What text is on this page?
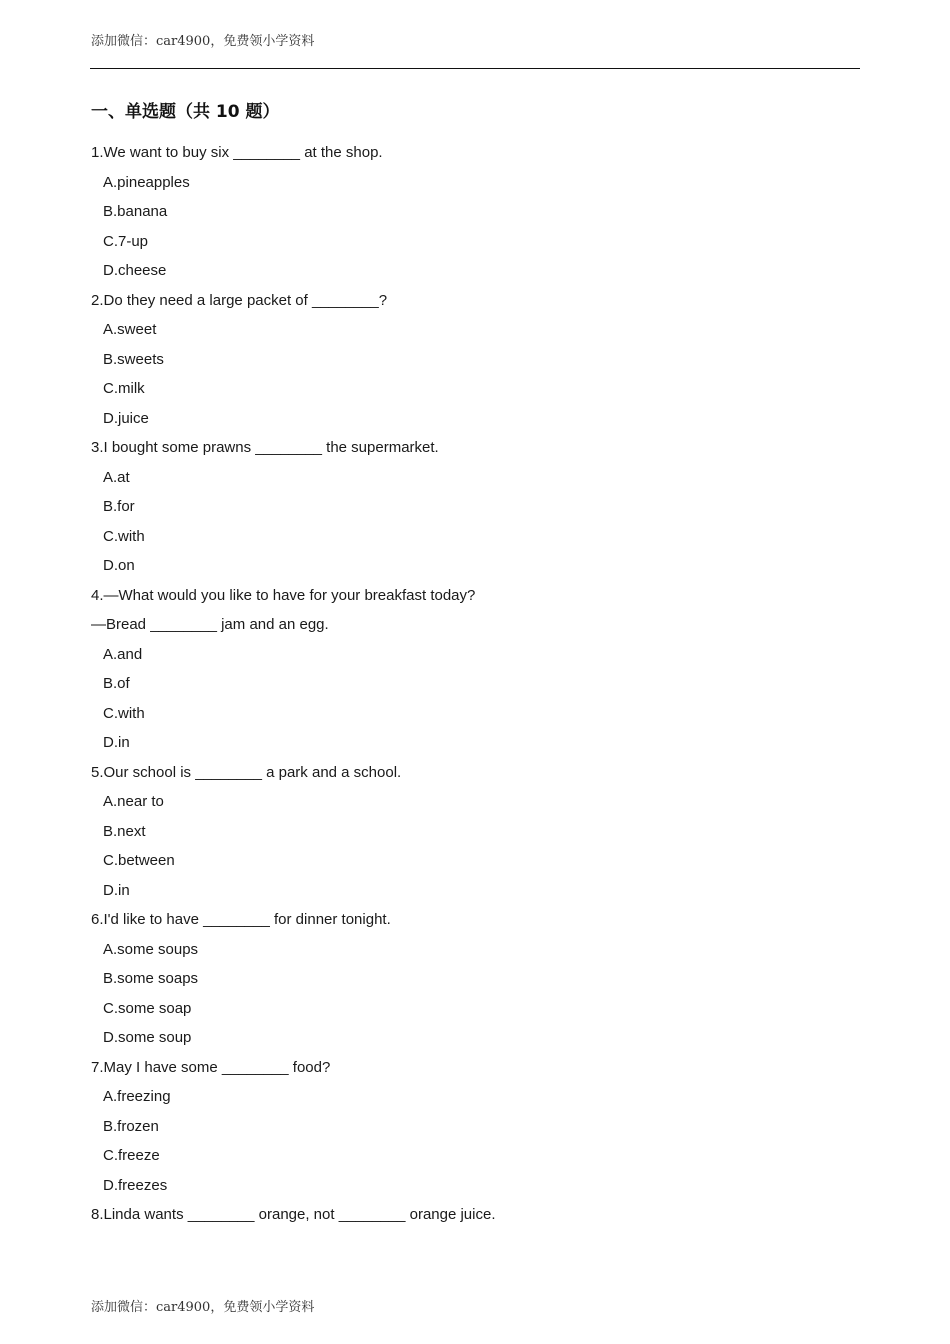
添加微信：car4900，免费领小学资料
一、单选题（共 10 题）
1.We want to buy six ________ at the shop.
A.pineapples
B.banana
C.7-up
D.cheese
2.Do they need a large packet of ________?
A.sweet
B.sweets
C.milk
D.juice
3.I bought some prawns ________ the supermarket.
A.at
B.for
C.with
D.on
4.—What would you like to have for your breakfast today?
—Bread ________ jam and an egg.
A.and
B.of
C.with
D.in
5.Our school is ________ a park and a school.
A.near to
B.next
C.between
D.in
6.I'd like to have ________ for dinner tonight.
A.some soups
B.some soaps
C.some soap
D.some soup
7.May I have some ________ food?
A.freezing
B.frozen
C.freeze
D.freezes
8.Linda wants ________ orange, not ________ orange juice.
添加微信：car4900，免费领小学资料
